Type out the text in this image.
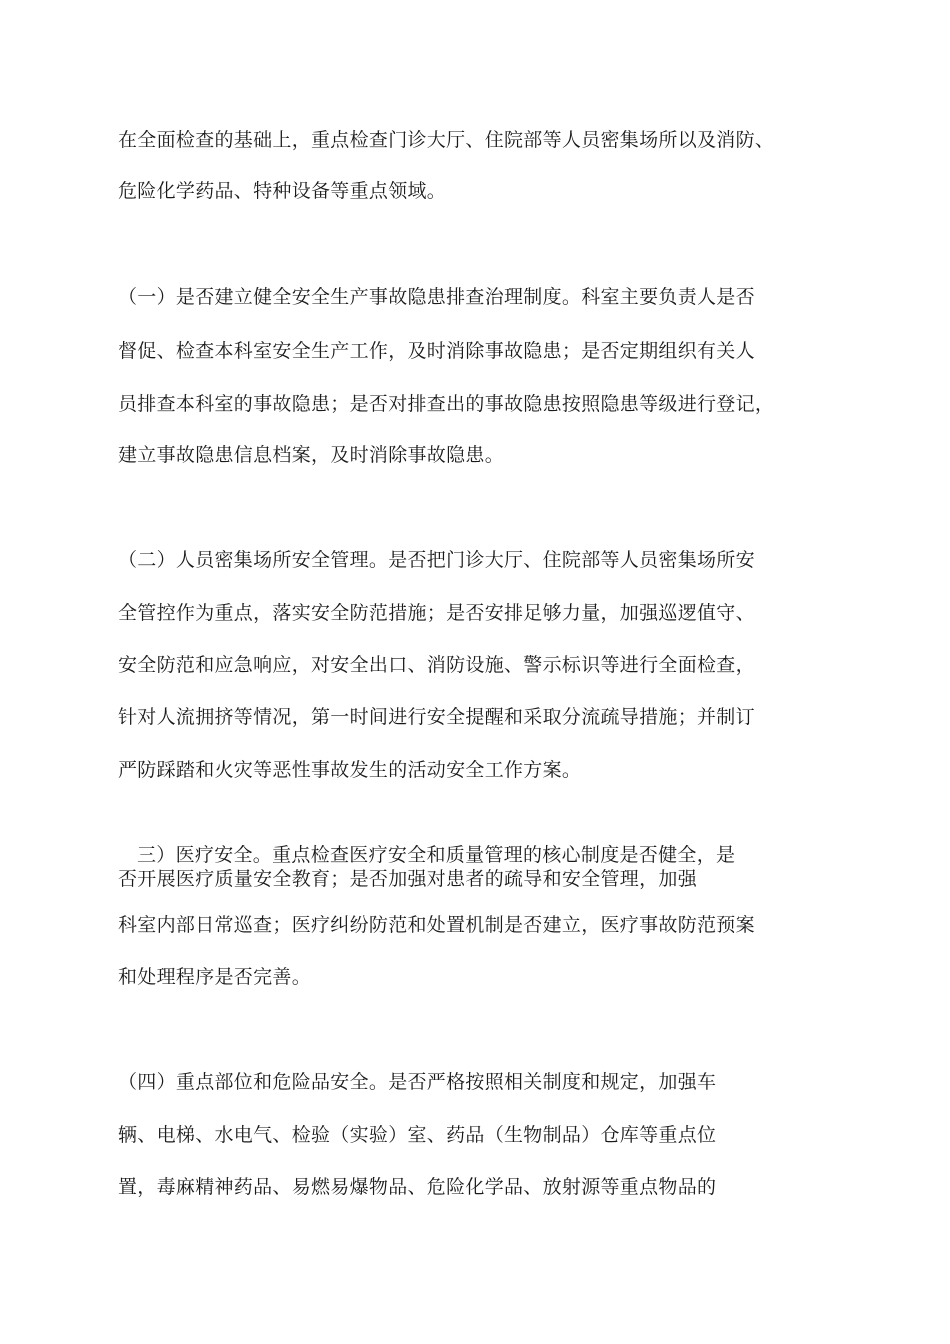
在全面检查的基础上，重点检查门诊大厅、住院部等人员密集场所以及消防、
危险化学药品、特种设备等重点领域。
（一）是否建立健全安全生产事故隐患排查治理制度。科室主要负责人是否
督促、检查本科室安全生产工作，及时消除事故隐患；是否定期组织有关人
员排查本科室的事故隐患；是否对排查出的事故隐患按照隐患等级进行登记，
建立事故隐患信息档案，及时消除事故隐患。
（二）人员密集场所安全管理。是否把门诊大厅、住院部等人员密集场所安
全管控作为重点，落实安全防范措施；是否安排足够力量，加强巡逻值守、
安全防范和应急响应，对安全出口、消防设施、警示标识等进行全面检查，
针对人流拥挤等情况，第一时间进行安全提醒和采取分流疏导措施；并制订
严防踩踏和火灾等恶性事故发生的活动安全工作方案。
三）医疗安全。重点检查医疗安全和质量管理的核心制度是否健全，是
否开展医疗质量安全教育；是否加强对患者的疏导和安全管理，加强
科室内部日常巡查；医疗纠纷防范和处置机制是否建立，医疗事故防范预案
和处理程序是否完善。
（四）重点部位和危险品安全。是否严格按照相关制度和规定，加强车
辆、电梯、水电气、检验（实验）室、药品（生物制品）仓库等重点位
置，毒麻精神药品、易燃易爆物品、危险化学品、放射源等重点物品的
